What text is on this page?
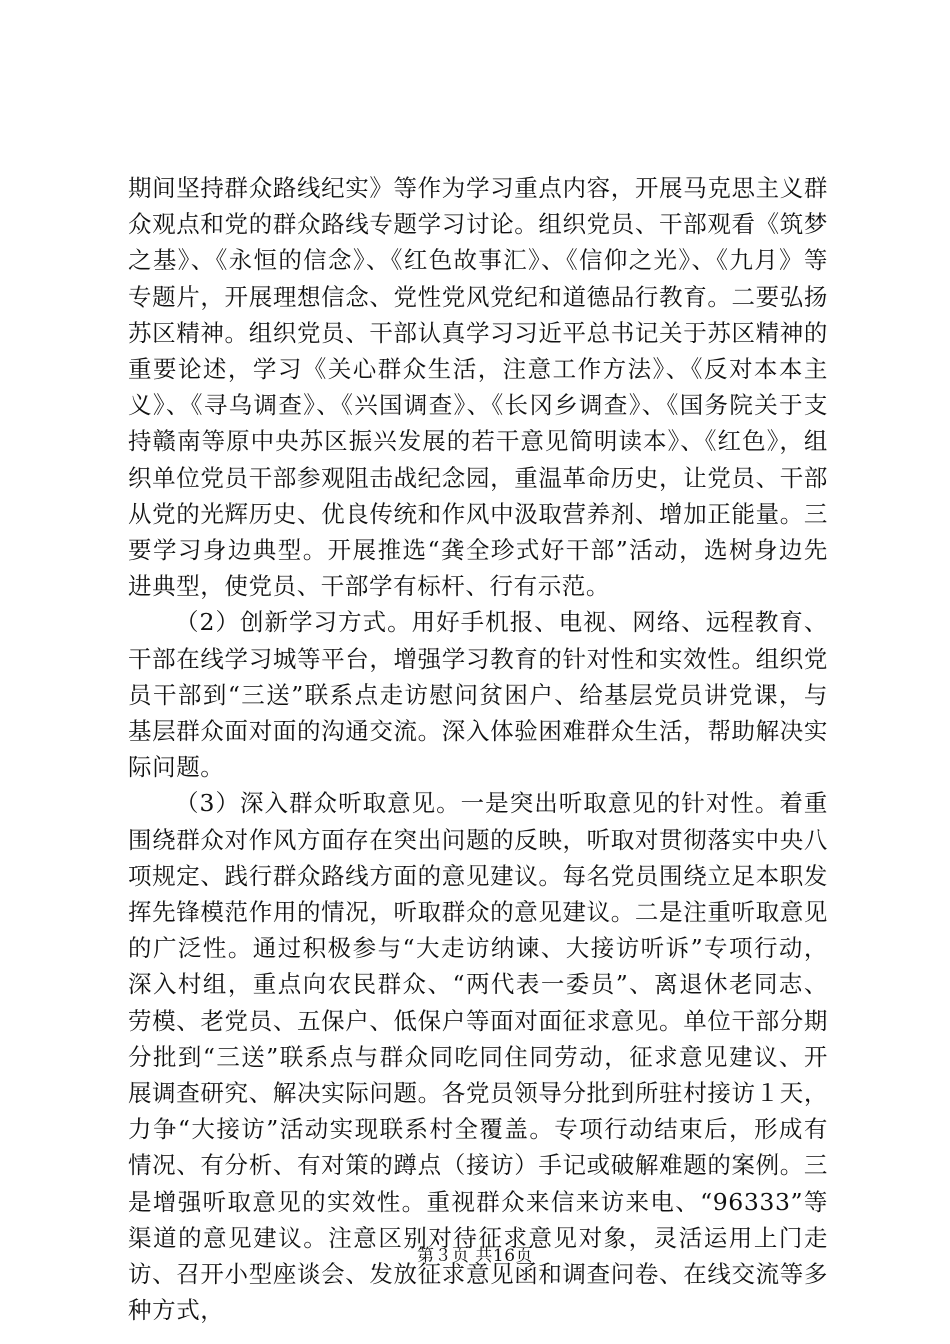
期间坚持群众路线纪实》等作为学习重点内容，开展马克思主义群众观点和党的群众路线专题学习讨论。组织党员、干部观看《筑梦之基》、《永恒的信念》、《红色故事汇》、《信仰之光》、《九月》等专题片，开展理想信念、党性党风党纪和道德品行教育。二要弘扬苏区精神。组织党员、干部认真学习习近平总书记关于苏区精神的重要论述，学习《关心群众生活，注意工作方法》、《反对本本主义》、《寻乌调查》、《兴国调查》、《长冈乡调查》、《国务院关于支持赣南等原中央苏区振兴发展的若干意见简明读本》、《红色》，组织单位党员干部参观阻击战纪念园，重温革命历史，让党员、干部从党的光辉历史、优良传统和作风中汲取营养剂、增加正能量。三要学习身边典型。开展推选“龚全珍式好干部”活动，选树身边先进典型，使党员、干部学有标杆、行有示范。

（2）创新学习方式。用好手机报、电视、网络、远程教育、干部在线学习城等平台，增强学习教育的针对性和实效性。组织党员干部到“三送”联系点走访慰问贫困户、给基层党员讲党课，与基层群众面对面的沟通交流。深入体验困难群众生活，帮助解决实际问题。

（3）深入群众听取意见。一是突出听取意见的针对性。着重围绕群众对作风方面存在突出问题的反映，听取对贯彻落实中央八项规定、践行群众路线方面的意见建议。每名党员围绕立足本职发挥先锋模范作用的情况，听取群众的意见建议。二是注重听取意见的广泛性。通过积极参与“大走访纳谏、大接访听诉”专项行动，深入村组，重点向农民群众、“两代表一委员”、离退休老同志、劳模、老党员、五保户、低保户等面对面征求意见。单位干部分期分批到“三送”联系点与群众同吃同住同劳动，征求意见建议、开展调查研究、解决实际问题。各党员领导分批到所驻村接访１天，力争“大接访”活动实现联系村全覆盖。专项行动结束后，形成有情况、有分析、有对策的蹲点（接访）手记或破解难题的案例。三是增强听取意见的实效性。重视群众来信来访来电、“96333”等渠道的意见建议。注意区别对待征求意见对象，灵活运用上门走访、召开小型座谈会、发放征求意见函和调查问卷、在线交流等多种方式，

第３页 共16页
